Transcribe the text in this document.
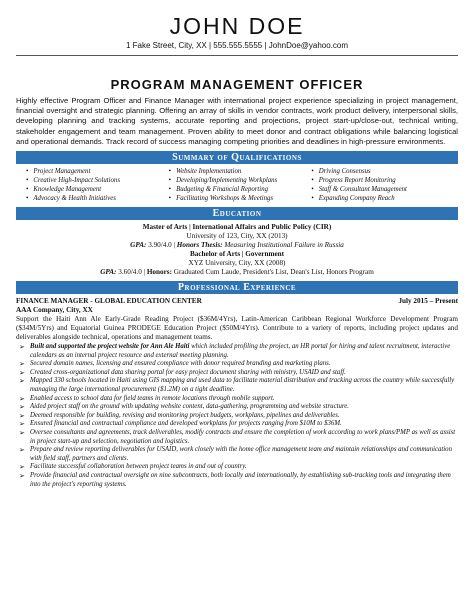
JOHN DOE
1 Fake Street, City, XX | 555.555.5555 | JohnDoe@yahoo.com
PROGRAM MANAGEMENT OFFICER
Highly effective Program Officer and Finance Manager with international project experience specializing in project management, financial oversight and strategic planning. Offering an array of skills in vendor contracts, work product delivery, interpersonal skills, developing planning and tracking systems, accurate reporting and projections, project start-up/close-out, technical writing, stakeholder engagement and team management. Proven ability to meet donor and contract obligations while balancing logistical and operational demands. Track record of success managing competing priorities and deadlines in high-pressure environments.
Summary of Qualifications
• Project Management
• Creative High-Impact Solutions
• Knowledge Management
• Advocacy & Health Initiatives
• Website Implementation
• Developing/Implementing Workplans
• Budgeting & Financial Reporting
• Facilitating Workshops & Meetings
• Driving Consensus
• Progress Report Monitoring
• Staff & Consultant Management
• Expanding Company Reach
Education
Master of Arts | International Affairs and Public Policy (CIR)
University of 123, City, XX (2013)
GPA: 3.90/4.0 | Honors Thesis: Measuring Institutional Failure in Russia
Bachelor of Arts | Government
XYZ University, City, XX (2008)
GPA: 3.60/4.0 | Honors: Graduated Cum Laude, President's List, Dean's List, Honors Program
Professional Experience
FINANCE MANAGER - GLOBAL EDUCATION CENTER	July 2015 – Present
AAA Company, City, XX
Support the Haiti Ann Ale Early-Grade Reading Project ($36M/4Yrs), Latin-American Caribbean Regional Workforce Development Program ($34M/5Yrs) and Equatorial Guinea PRODEGE Education Project ($50M/4Yrs). Contribute to a variety of reports, including project updates and deliverables alongside technical, operations and management teams.
➢ Built and supported the project website for Ann Ale Haiti which included profiling the project, an HR portal for hiring and talent recruitment, interactive calendars as an internal project resource and external meeting planning.
➢ Secured domain names, licensing and ensured compliance with donor required branding and marketing plans.
➢ Created cross-organizational data sharing portal for easy project document sharing with ministry, USAID and staff.
➢ Mapped 330 schools located in Haiti using GIS mapping and used data to facilitate material distribution and tracking across the country while successfully managing the large international procurement ($1.2M) on a tight deadline.
➢ Enabled access to school data for field teams in remote locations through mobile support.
➢ Aided project staff on the ground with updating website content, data-gathering, programming and website structure.
➢ Deemed responsible for building, revising and monitoring project budgets, workplans, pipelines and deliverables.
➢ Ensured financial and contractual compliance and developed workplans for projects ranging from $10M to $36M.
➢ Oversee consultants and agreements, track deliverables, modify contracts and ensure the completion of work according to work plans/PMP as well as assist in project start-up and selection, negotiation and logistics.
➢ Prepare and review reporting deliverables for USAID, work closely with the home office management team and maintain relationships and communication with field staff, partners and clients.
➢ Facilitate successful collaboration between project teams in and out of country.
➢ Provide financial and contractual oversight on nine subcontracts, both locally and internationally, by establishing sub-tracking tools and integrating them into the project's reporting systems.
